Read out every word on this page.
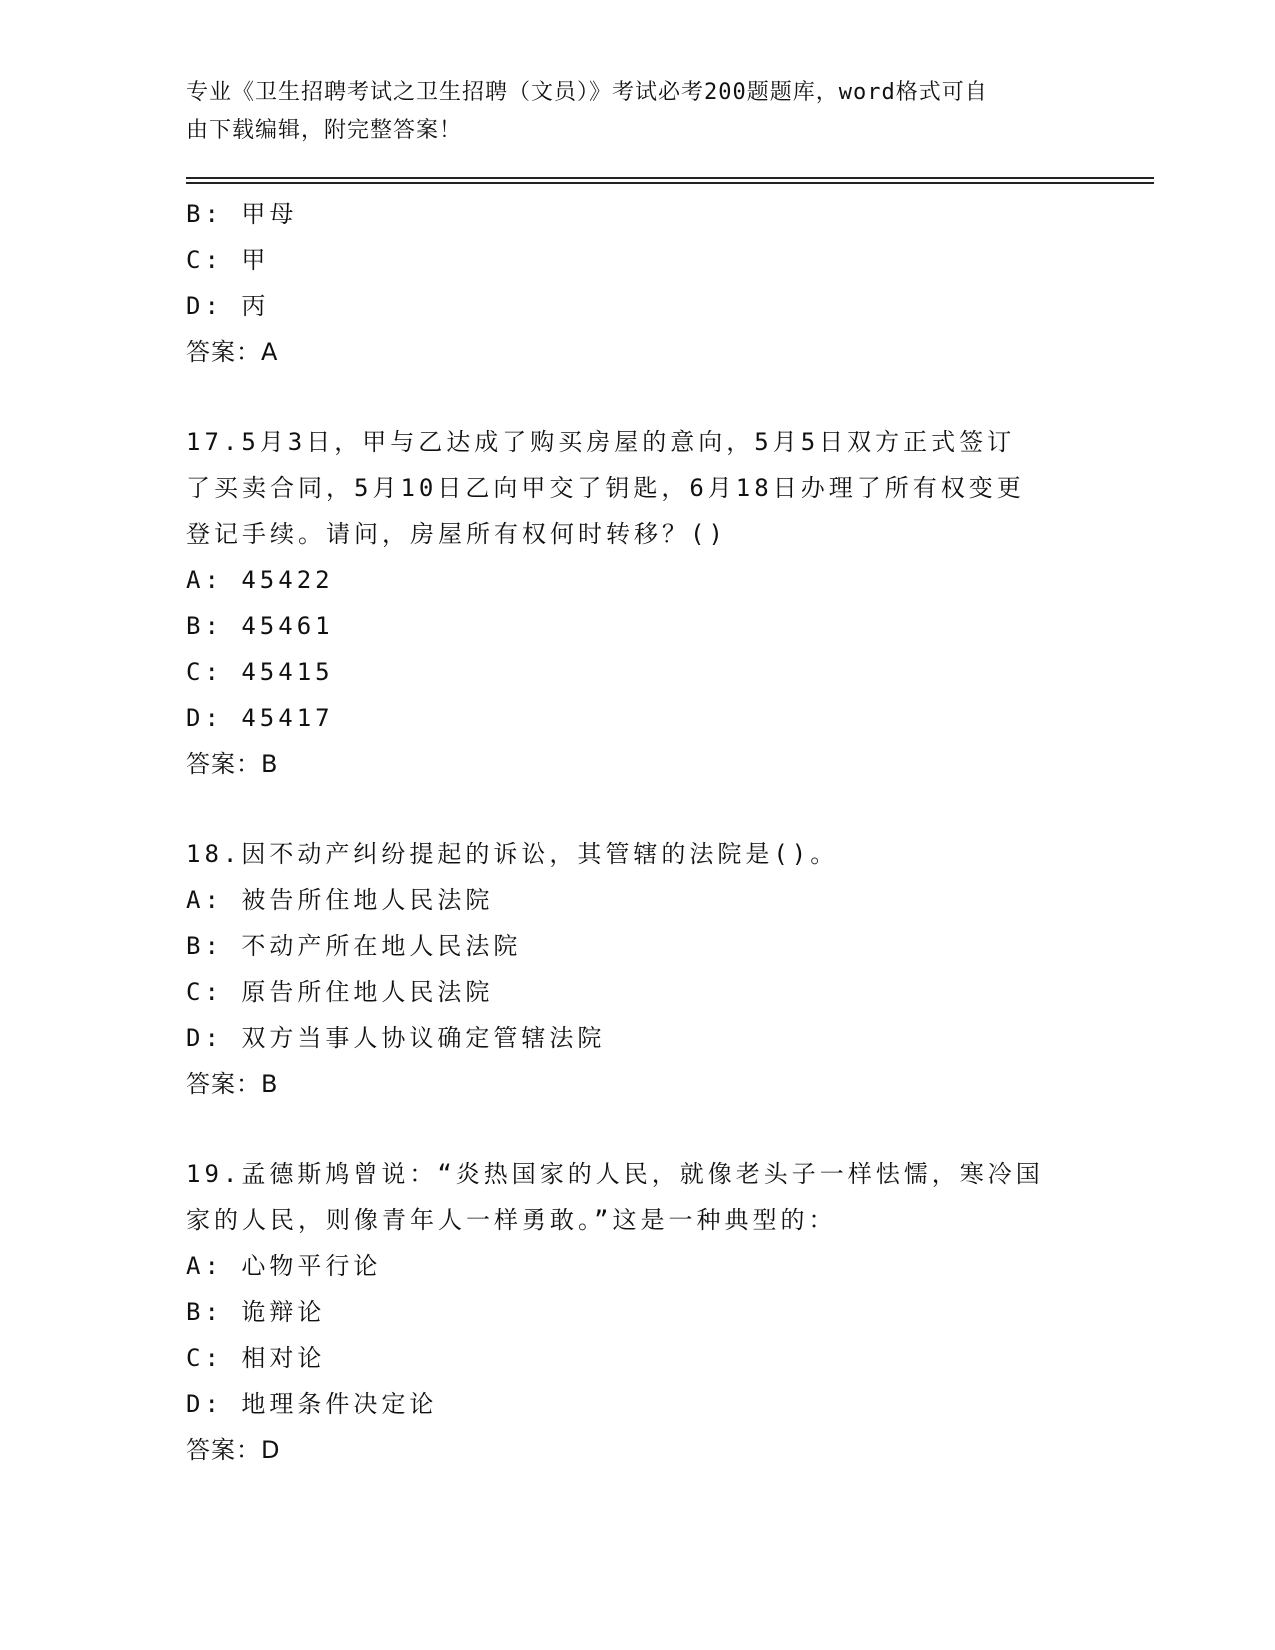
专业《卫生招聘考试之卫生招聘（文员）》考试必考200题题库，word格式可自
由下载编辑，附完整答案！
B: 甲母
C: 甲
D: 丙
答案：A
17.5月3日，甲与乙达成了购买房屋的意向，5月5日双方正式签订
了买卖合同，5月10日乙向甲交了钥匙，6月18日办理了所有权变更
登记手续。请问，房屋所有权何时转移？()
A: 45422
B: 45461
C: 45415
D: 45417
答案：B
18.因不动产纠纷提起的诉讼，其管辖的法院是()。
A: 被告所住地人民法院
B: 不动产所在地人民法院
C: 原告所住地人民法院
D: 双方当事人协议确定管辖法院
答案：B
19.孟德斯鸠曾说：“炎热国家的人民，就像老头子一样怯懦，寒冷国
家的人民，则像青年人一样勇敢。”这是一种典型的：
A: 心物平行论
B: 诡辩论
C: 相对论
D: 地理条件决定论
答案：D
